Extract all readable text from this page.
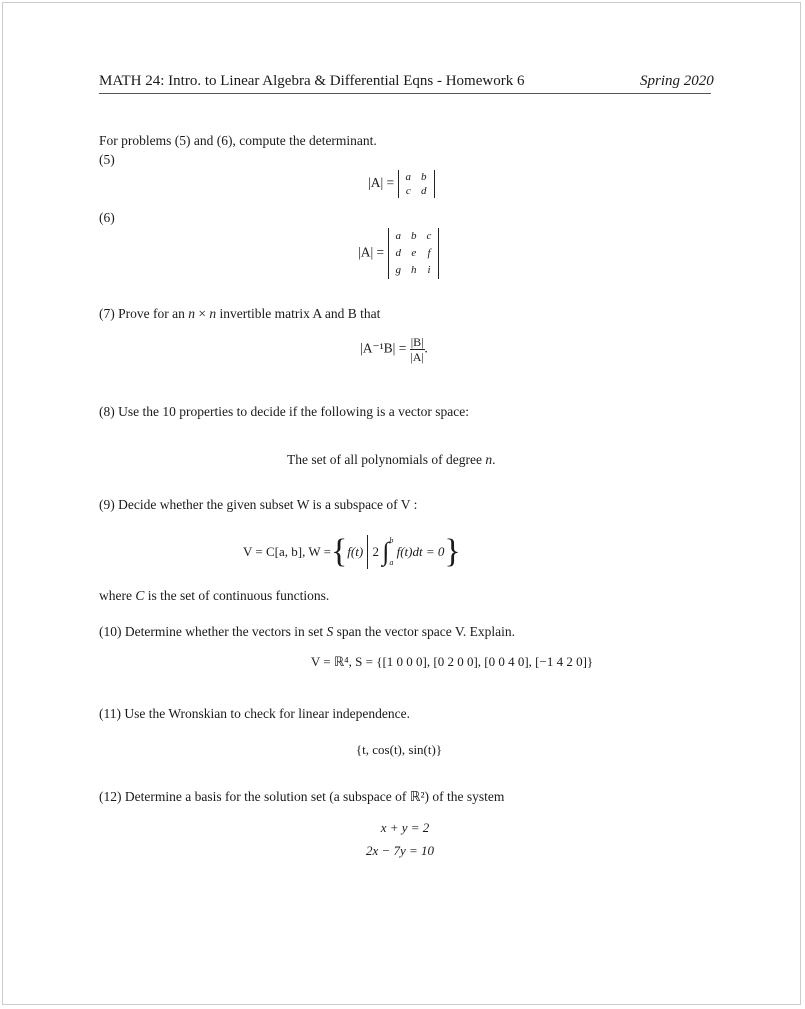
MATH 24: Intro. to Linear Algebra & Differential Eqns - Homework 6	Spring 2020
For problems (5) and (6), compute the determinant.
(5)
|A| = a	b
c	d
(6)
|A| =
a	b	c
d	e	f
g	h	i
(7) Prove for an n × n invertible matrix A and B that
$|A^{-1}B| = \frac{|B|}{|A|}$ .
(8) Use the 10 properties to decide if the following is a vector space:
The set of all polynomials of degree n.
(9) Decide whether the given subset W is a subspace of V :
V = C[a, b], W ={f(t) 2 ∫ b
a
f(t)dt = 0}
where C is the set of continuous functions.
(10) Determine whether the vectors in set S span the vector space V. Explain.
V = ℝ⁴, S = {[1 0 0 0], [0 2 0 0], [0 0 4 0], [−1 4 2 0]}
(11) Use the Wronskian to check for linear independence.
{t, cos(t), sin(t)}
(12) Determine a basis for the solution set (a subspace of ℝ²) of the system
x + y = 2
2x − 7y = 10
